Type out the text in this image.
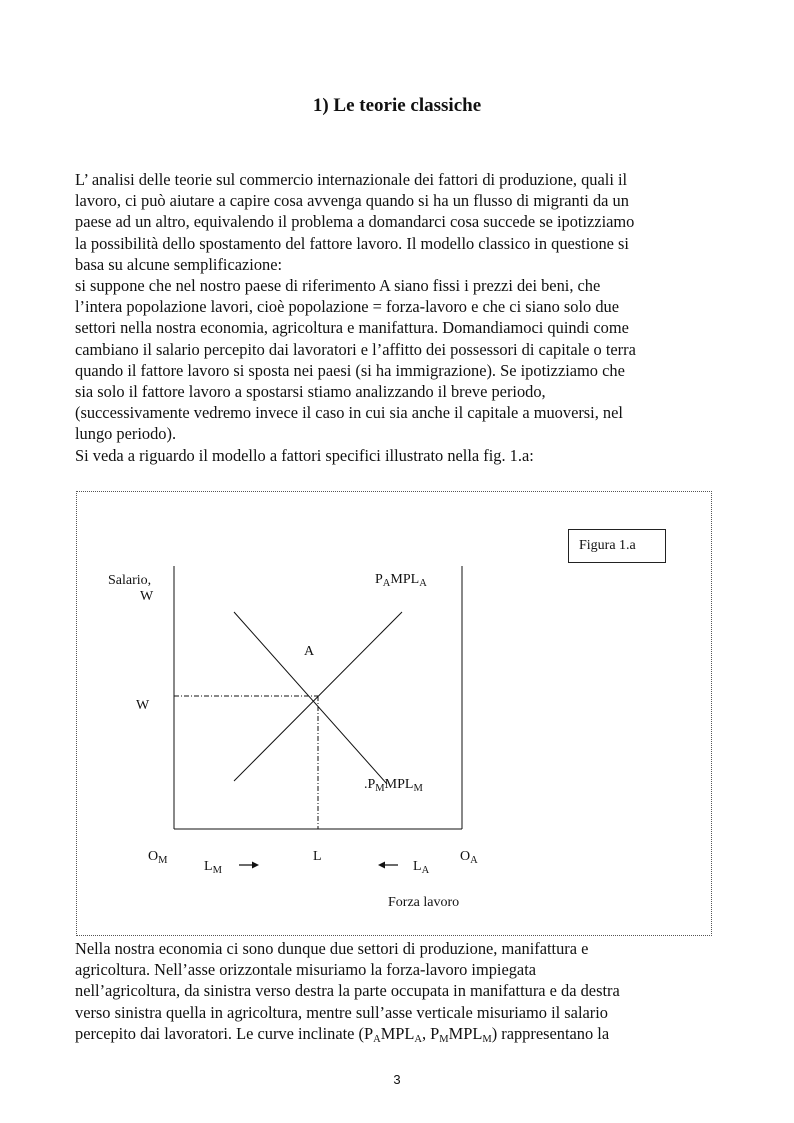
1) Le teorie classiche

L’ analisi delle teorie sul commercio internazionale dei fattori di produzione, quali il
lavoro, ci può aiutare a capire cosa avvenga quando si ha un flusso di migranti da un
paese ad un altro, equivalendo il problema a domandarci cosa succede se ipotizziamo
la possibilità dello spostamento del fattore lavoro. Il modello classico in questione si
basa su alcune semplificazione:
si suppone che nel nostro paese di riferimento A siano fissi i prezzi dei beni, che
l’intera popolazione lavori, cioè popolazione = forza-lavoro e che ci siano solo due
settori nella nostra economia, agricoltura e manifattura. Domandiamoci quindi come
cambiano il salario percepito dai lavoratori e l’affitto dei possessori di capitale o terra
quando il fattore lavoro si sposta nei paesi (si ha immigrazione). Se ipotizziamo che
sia solo il fattore lavoro a spostarsi stiamo analizzando il breve periodo,
(successivamente vedremo invece il caso in cui sia anche il capitale a muoversi, nel
lungo periodo).
Si veda a riguardo il modello a fattori specifici illustrato nella fig. 1.a:

Figura 1.a
Salario,
W
W
A
$P_AMPL_A$
$.P_MMPL_M$
$O_M$	$O_A$
$L_M$	$L_A$
L
Forza lavoro

Nella nostra economia ci sono dunque due settori di produzione, manifattura e
agricoltura. Nell’asse orizzontale misuriamo la forza-lavoro impiegata
nell’agricoltura, da sinistra verso destra la parte occupata in manifattura e da destra
verso sinistra quella in agricoltura, mentre sull’asse verticale misuriamo il salario
percepito dai lavoratori. Le curve inclinate ($P_AMPL_A$, $P_MMPL_M$) rappresentano la

3
